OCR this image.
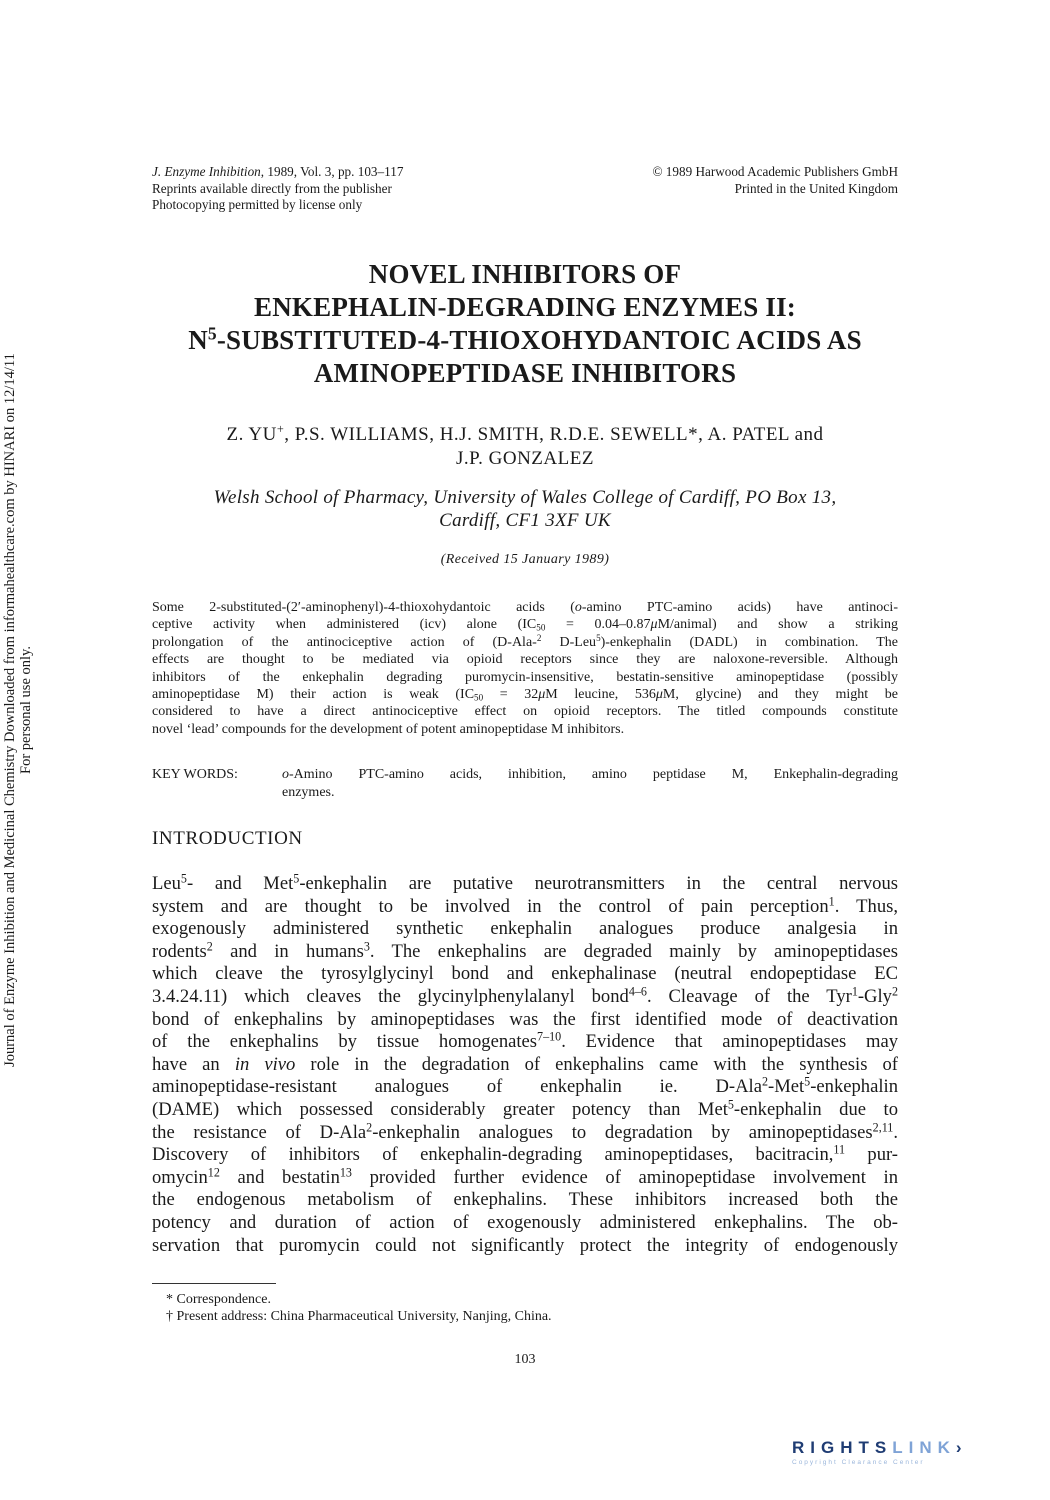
J. Enzyme Inhibition, 1989, Vol. 3, pp. 103–117
Reprints available directly from the publisher
Photocopying permitted by license only
© 1989 Harwood Academic Publishers GmbH
Printed in the United Kingdom
NOVEL INHIBITORS OF
ENKEPHALIN-DEGRADING ENZYMES II:
$N^5-SUBSTITUTED-4$-THIOXOHYDANTOIC ACIDS AS
AMINOPEPTIDASE INHIBITORS
Z. YU+, P.S. WILLIAMS, H.J. SMITH, R.D.E. SEWELL*, A. PATEL and
J.P. GONZALEZ
Welsh School of Pharmacy, University of Wales College of Cardiff, PO Box 13,
Cardiff, CF1 3XF UK
(Received 15 January 1989)
Some 2-substituted-(2′-aminophenyl)-4-thioxohydantoic acids (o-amino PTC-amino acids) have antinoci-
ceptive activity when administered (icv) alone ($IC_{50}$ = 0.04–0.87μM/animal) and show a striking
prolongation of the antinociceptive action of (D-Ala-$^2$ D-Leu$^5$)-enkephalin (DADL) in combination. The
effects are thought to be mediated via opioid receptors since they are naloxone-reversible. Although
inhibitors of the enkephalin degrading puromycin-insensitive, bestatin-sensitive aminopeptidase (possibly
aminopeptidase M) their action is weak ($IC_{50} = 32\mu M$ leucine, 536μM, glycine) and they might be
considered to have a direct antinociceptive effect on opioid receptors. The titled compounds constitute
novel ‘lead’ compounds for the development of potent aminopeptidase M inhibitors.
KEY WORDS:	o-Amino PTC-amino acids, inhibition, amino peptidase M, Enkephalin-degrading
enzymes.
INTRODUCTION
Leu$^5$- and Met$^5$-enkephalin are putative neurotransmitters in the central nervous
system and are thought to be involved in the control of pain perception$^1$. Thus,
exogenously administered synthetic enkephalin analogues produce analgesia in
rodents$^2$ and in humans$^3$. The enkephalins are degraded mainly by aminopeptidases
which cleave the tyrosylglycinyl bond and enkephalinase (neutral endopeptidase EC
3.4.24.11) which cleaves the glycinylphenylalanyl bond$^{4-6}$. Cleavage of the Tyr$^1$-Gly$^2$
bond of enkephalins by aminopeptidases was the first identified mode of deactivation
of the enkephalins by tissue homogenates$^{7-10}$. Evidence that aminopeptidases may
have an in vivo role in the degradation of enkephalins came with the synthesis of
aminopeptidase-resistant analogues of enkephalin ie. D-Ala$^2$-Met$^5$-enkephalin
(DAME) which possessed considerably greater potency than Met$^5$-enkephalin due to
the resistance of D-Ala$^2$-enkephalin analogues to degradation by aminopeptidases$^{2,11}$.
Discovery of inhibitors of enkephalin-degrading aminopeptidases, bacitracin,$^{11}$ pur-
omycin$^{12}$ and bestatin$^{13}$ provided further evidence of aminopeptidase involvement in
the endogenous metabolism of enkephalins. These inhibitors increased both the
potency and duration of action of exogenously administered enkephalins. The ob-
servation that puromycin could not significantly protect the integrity of endogenously
* Correspondence.
† Present address: China Pharmaceutical University, Nanjing, China.
103
Journal of Enzyme Inhibition and Medicinal Chemistry Downloaded from informahealthcare.com by HINARI on 12/14/11 For personal use only.
RIGHTSLINK›
Copyright Clearance Center
